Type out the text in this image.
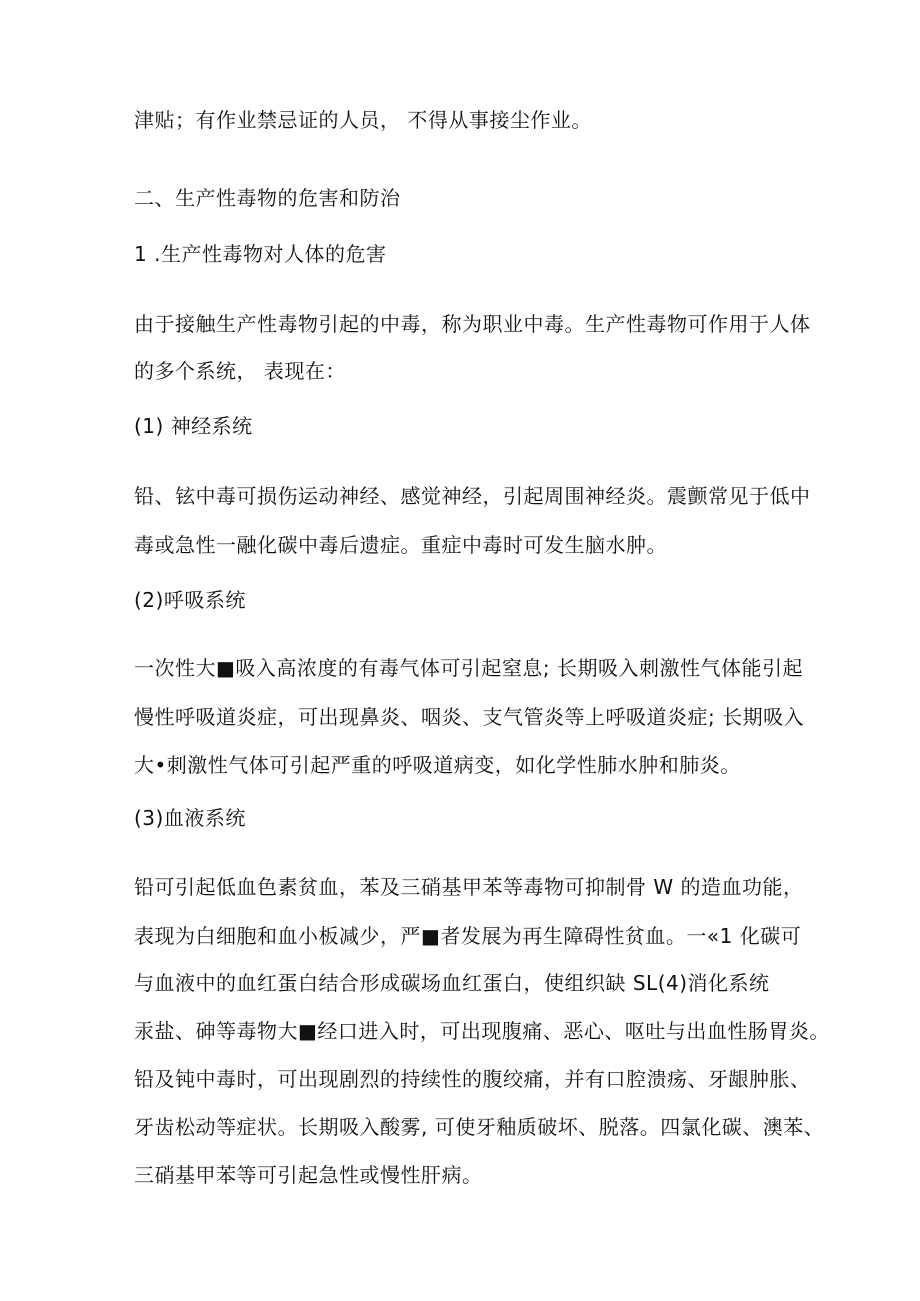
津贴；有作业禁忌证的人员， 不得从事接尘作业。
二、生产性毒物的危害和防治
1 .生产性毒物对人体的危害
由于接触生产性毒物引起的中毒，称为职业中毒。生产性毒物可作用于人体
的多个系统， 表现在：
(1) 神经系统
铅、铉中毒可损伤运动神经、感觉神经，引起周围神经炎。震颤常见于低中
毒或急性一融化碳中毒后遗症。重症中毒时可发生脑水肿。
(2)呼吸系统
一次性大■吸入高浓度的有毒气体可引起窒息; 长期吸入刺激性气体能引起
慢性呼吸道炎症，可出现鼻炎、咽炎、支气管炎等上呼吸道炎症; 长期吸入
大•刺激性气体可引起严重的呼吸道病变，如化学性肺水肿和肺炎。
(3)血液系统
铅可引起低血色素贫血，苯及三硝基甲苯等毒物可抑制骨 W 的造血功能，
表现为白细胞和血小板减少，严■者发展为再生障碍性贫血。一«1 化碳可
与血液中的血红蛋白结合形成碳场血红蛋白，使组织缺 SL(4)消化系统
汞盐、砷等毒物大■经口进入时，可出现腹痛、恶心、呕吐与出血性肠胃炎。
铅及钝中毒时，可出现剧烈的持续性的腹绞痛，并有口腔溃疡、牙龈肿胀、
牙齿松动等症状。长期吸入酸雾, 可使牙釉质破坏、脱落。四氯化碳、澳苯、
三硝基甲苯等可引起急性或慢性肝病。
